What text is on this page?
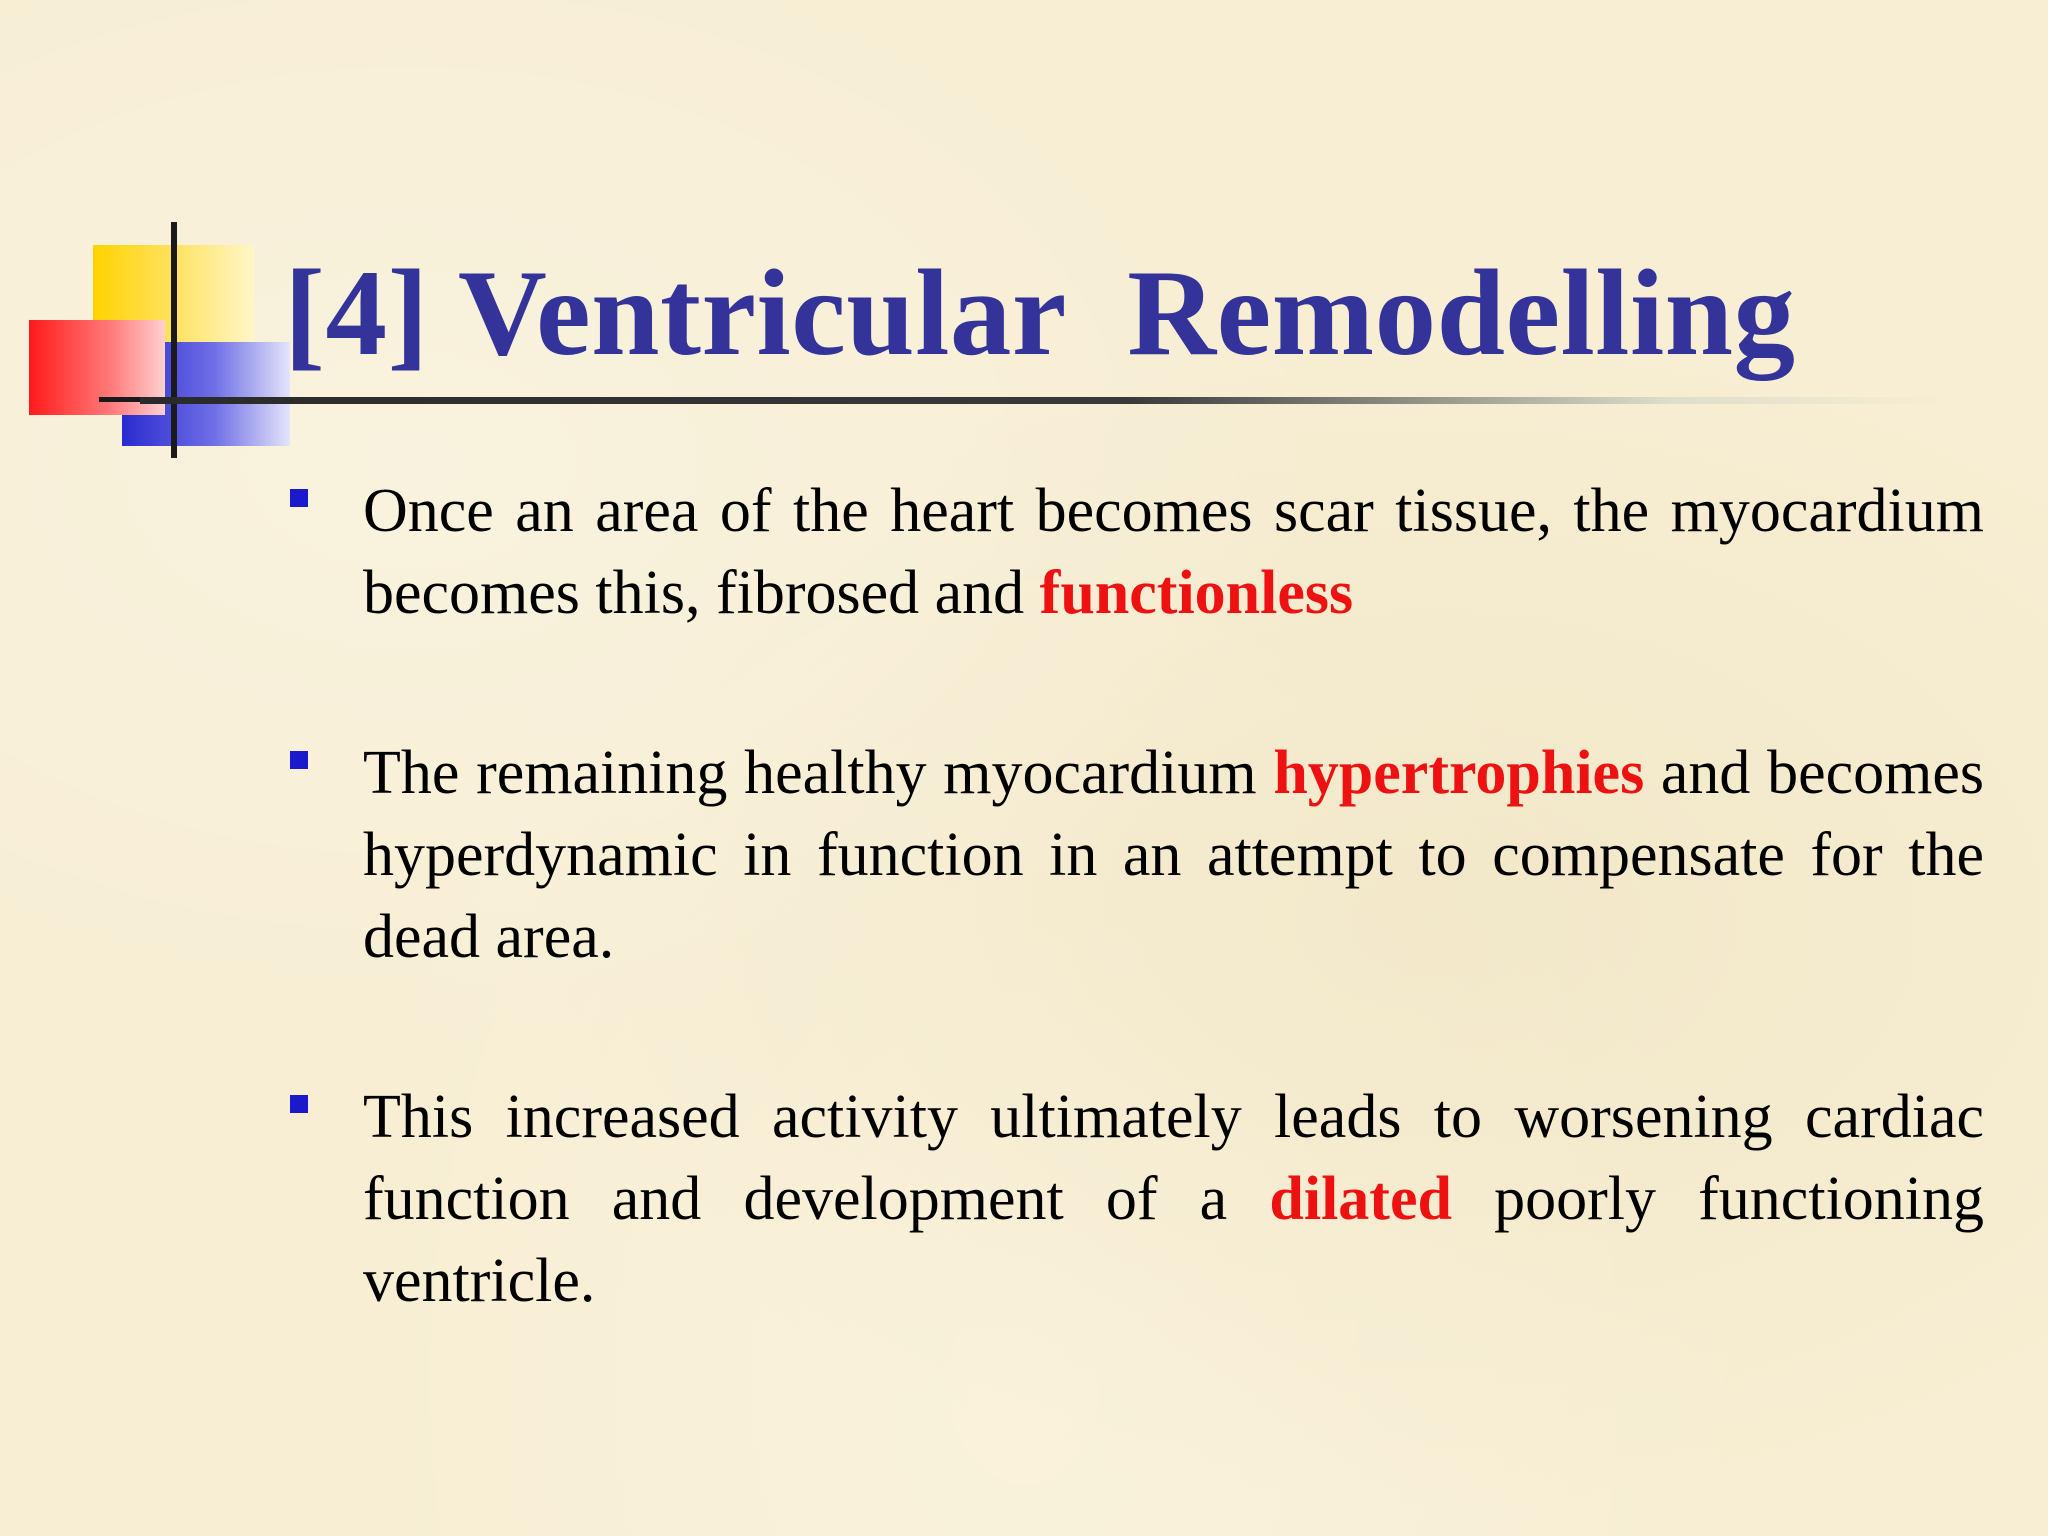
[4] Ventricular  Remodelling
Once an area of the heart becomes scar tissue, the myocardium becomes this, fibrosed and functionless
The remaining healthy myocardium hypertrophies and becomes hyperdynamic in function in an attempt to compensate for the dead area.
This increased activity ultimately leads to worsening cardiac function and development of a dilated poorly functioning ventricle.
